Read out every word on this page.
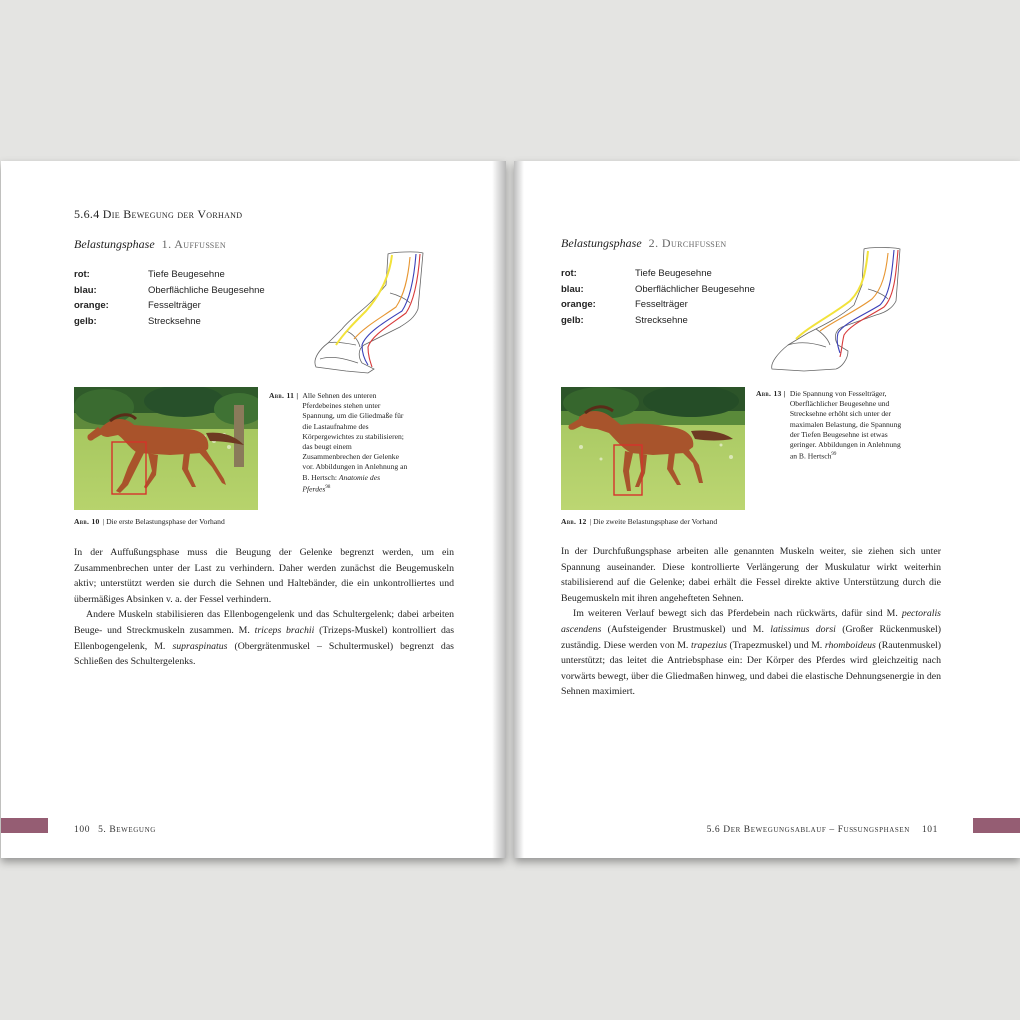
5.6.4 Die Bewegung der Vorhand
Belastungsphase 1. Auffußen
rot:	Tiefe Beugesehne
blau:	Oberflächliche Beugesehne
orange:	Fesselträger
gelb:	Strecksehne
Abb. 11 | Alle Sehnen des unteren Pferdebeines stehen unter Spannung, um die Gliedmaße für die Lastaufnahme des Körpergewichtes zu stabilisieren; das beugt einem Zusammenbrechen der Gelenke vor. Abbildungen in Anlehnung an B. Hertsch: Anatomie des Pferdes$^{98}$
Abb. 10 | Die erste Belastungsphase der Vorhand

In der Auffußungsphase muss die Beugung der Gelenke begrenzt werden, um ein Zusammenbrechen unter der Last zu verhindern. Daher werden zunächst die Beugemuskeln aktiv; unterstützt werden sie durch die Sehnen und Haltebänder, die ein unkontrolliertes und übermäßiges Absinken v. a. der Fessel verhindern.

Andere Muskeln stabilisieren das Ellenbogengelenk und das Schultergelenk; dabei arbeiten Beuge- und Streckmuskeln zusammen. M. triceps brachii (Trizeps-Muskel) kontrolliert das Ellenbogengelenk, M. supraspinatus (Obergrätenmuskel – Schultermuskel) begrenzt das Schließen des Schultergelenks.

100 5. Bewegung
Belastungsphase 2. Durchfußen
rot:	Tiefe Beugesehne
blau:	Oberflächlicher Beugesehne
orange:	Fesselträger
gelb:	Strecksehne
Abb. 13 | Die Spannung von Fesselträger, Oberflächlicher Beugesehne und Strecksehne erhöht sich unter der maximalen Belastung, die Spannung der Tiefen Beugesehne ist etwas geringer. Abbildungen in Anlehnung an B. Hertsch$^{99}$
Abb. 12 | Die zweite Belastungsphase der Vorhand

In der Durchfußungsphase arbeiten alle genannten Muskeln weiter, sie ziehen sich unter Spannung auseinander. Diese kontrollierte Verlängerung der Muskulatur wirkt weiterhin stabilisierend auf die Gelenke; dabei erhält die Fessel direkte aktive Unterstützung durch die Beugemuskeln mit ihren angehefteten Sehnen.

Im weiteren Verlauf bewegt sich das Pferdebein nach rückwärts, dafür sind M. pectoralis ascendens (Aufsteigender Brustmuskel) und M. latissimus dorsi (Großer Rückenmuskel) zuständig. Diese werden von M. trapezius (Trapezmuskel) und M. rhomboideus (Rautenmuskel) unterstützt; das leitet die Antriebsphase ein: Der Körper des Pferdes wird gleichzeitig nach vorwärts bewegt, über die Gliedmaßen hinweg, und dabei die elastische Dehnungsenergie in den Sehnen maximiert.

5.6 Der Bewegungsablauf – Fußungsphasen 101
